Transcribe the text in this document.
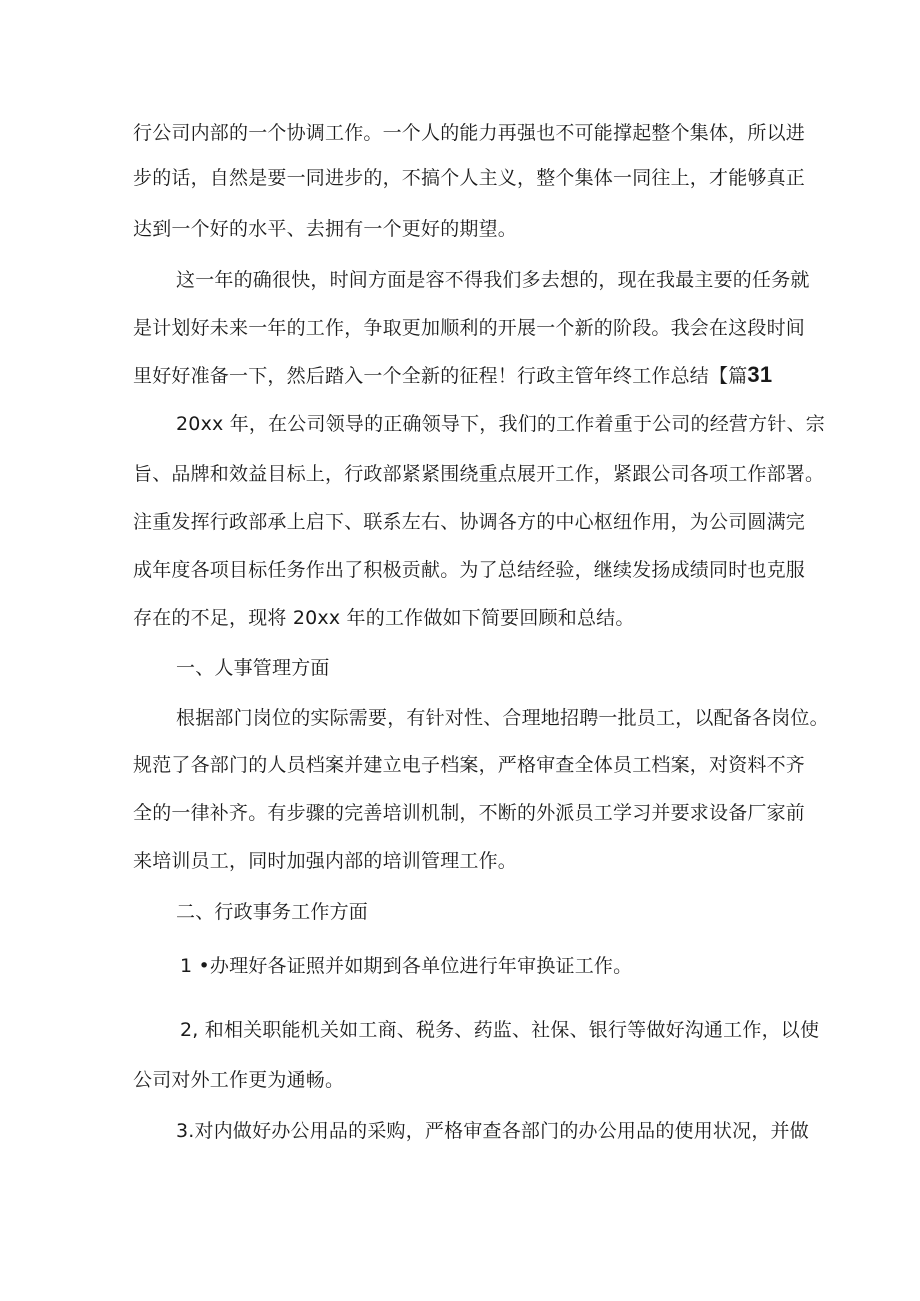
行公司内部的一个协调工作。一个人的能力再强也不可能撑起整个集体，所以进
步的话，自然是要一同进步的，不搞个人主义，整个集体一同往上，才能够真正
达到一个好的水平、去拥有一个更好的期望。
这一年的确很快，时间方面是容不得我们多去想的，现在我最主要的任务就
是计划好未来一年的工作，争取更加顺利的开展一个新的阶段。我会在这段时间
里好好准备一下，然后踏入一个全新的征程！行政主管年终工作总结【篇31
20xx 年，在公司领导的正确领导下，我们的工作着重于公司的经营方针、宗
旨、品牌和效益目标上，行政部紧紧围绕重点展开工作，紧跟公司各项工作部署。
注重发挥行政部承上启下、联系左右、协调各方的中心枢纽作用，为公司圆满完
成年度各项目标任务作出了积极贡献。为了总结经验，继续发扬成绩同时也克服
存在的不足，现将 20xx 年的工作做如下简要回顾和总结。
一、人事管理方面
根据部门岗位的实际需要，有针对性、合理地招聘一批员工，以配备各岗位。
规范了各部门的人员档案并建立电子档案，严格审查全体员工档案，对资料不齐
全的一律补齐。有步骤的完善培训机制，不断的外派员工学习并要求设备厂家前
来培训员工，同时加强内部的培训管理工作。
二、行政事务工作方面
1 •办理好各证照并如期到各单位进行年审换证工作。
2, 和相关职能机关如工商、税务、药监、社保、银行等做好沟通工作，以使
公司对外工作更为通畅。
3.对内做好办公用品的采购，严格审查各部门的办公用品的使用状况，并做
